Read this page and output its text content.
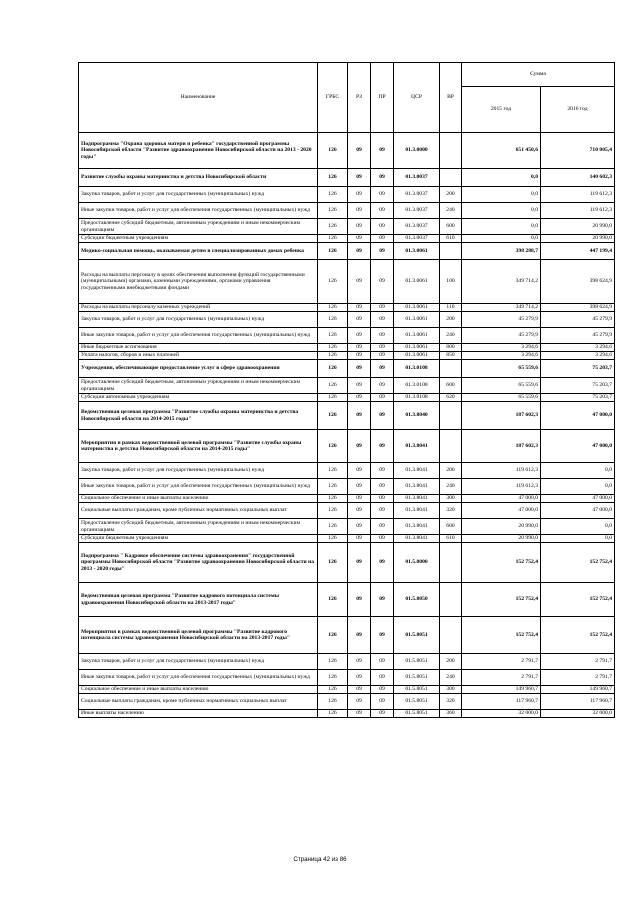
Наименование	ГРБС	РЗ	ПР	ЦСР	ВР	Сумма	
						2015 год	2016 год
Подпрограмма "Охрана здоровья матери и ребенка" государственной программы Новосибирской области "Развитие здравоохранения Новосибирской области на 2013 - 2020 годы"	126	09	09	01.3.0000		651 450,6	710 005,4
Развитие службы охраны материнства и детства Новосибирской области	126	09	09	01.3.0037		0,0	140 602,3
Закупка товаров, работ и услуг для государственных (муниципальных) нужд	126	09	09	01.3.0037	200	0,0	119 612,3
Иные закупки товаров, работ и услуг для обеспечения государственных (муниципальных) нужд	126	09	09	01.3.0037	240	0,0	119 612,3
Предоставление субсидий бюджетным, автономным учреждениям и иным некоммерческим организациям	126	09	09	01.3.0037	600	0,0	20 990,0
Субсидии бюджетным учреждениям	126	09	09	01.3.0037	610	0,0	20 990,0
Медико-социальная помощь, оказываемая детям в специализированных домах ребенка	126	09	09	01.3.0061		398 288,7	447 199,4
Расходы на выплаты персоналу в целях обеспечения выполнения функций государственными (муниципальными) органами, казенными учреждениями, органами управления государственными внебюджетными фондами	126	09	09	01.3.0061	100	349 714,2	398 624,9
Расходы на выплаты персоналу казенных учреждений	126	09	09	01.3.0061	110	349 714,2	398 624,9
Закупка товаров, работ и услуг для государственных (муниципальных) нужд	126	09	09	01.3.0061	200	45 279,9	45 279,9
Иные закупки товаров, работ и услуг для обеспечения государственных (муниципальных) нужд	126	09	09	01.3.0061	240	45 279,9	45 279,9
Иные бюджетные ассигнования	126	09	09	01.3.0061	800	3 294,6	3 294,6
Уплата налогов, сборов и иных платежей	126	09	09	01.3.0061	850	3 294,6	3 294,6
Учреждения, обеспечивающие предоставление услуг в сфере здравоохранения	126	09	09	01.3.0108		65 559,6	75 203,7
Предоставление субсидий бюджетным, автономным учреждениям и иным некоммерческим организациям	126	09	09	01.3.0108	600	65 559,6	75 203,7
Субсидии автономным учреждениям	126	09	09	01.3.0108	620	65 559,6	75 203,7
Ведомственная целевая программа "Развитие службы охраны материнства и детства Новосибирской области на 2014-2015 годы"	126	09	09	01.3.8040		187 602,3	47 000,0
Мероприятия в рамках ведомственной целевой программы "Развитие службы охраны материнства и детства Новосибирской области на 2014-2015 годы"	126	09	09	01.3.8041		187 602,3	47 000,0
Закупка товаров, работ и услуг для государственных (муниципальных) нужд	126	09	09	01.3.8041	200	119 612,3	0,0
Иные закупки товаров, работ и услуг для обеспечения государственных (муниципальных) нужд	126	09	09	01.3.8041	240	119 612,3	0,0
Социальное обеспечение и иные выплаты населению	126	09	09	01.3.8041	300	47 000,0	47 000,0
Социальные выплаты гражданам, кроме публичных нормативных социальных выплат	126	09	09	01.3.8041	320	47 000,0	47 000,0
Предоставление субсидий бюджетным, автономным учреждениям и иным некоммерческим организациям	126	09	09	01.3.8041	600	20 990,0	0,0
Субсидии бюджетным учреждениям	126	09	09	01.3.8041	610	20 990,0	0,0
Подпрограмма " Кадровое обеспечение системы здравоохранения" государственной программы Новосибирской области "Развитие здравоохранения Новосибирской области на 2013 - 2020 годы"	126	09	09	01.5.0000		152 752,4	152 752,4
Ведомственная целевая программа "Развитие кадрового потенциала системы здравоохранения Новосибирской области на 2013-2017 годы"	126	09	09	01.5.8050		152 752,4	152 752,4
Мероприятия в рамках ведомственной целевой программы "Развитие кадрового потенциала системы здравоохранения Новосибирской области на 2013-2017 годы"	126	09	09	01.5.8051		152 752,4	152 752,4
Закупка товаров, работ и услуг для государственных (муниципальных) нужд	126	09	09	01.5.8051	200	2 791,7	2 791,7
Иные закупки товаров, работ и услуг для обеспечения государственных (муниципальных) нужд	126	09	09	01.5.8051	240	2 791,7	2 791,7
Социальное обеспечение и иные выплаты населению	126	09	09	01.5.8051	300	149 960,7	149 960,7
Социальные выплаты гражданам, кроме публичных нормативных социальных выплат	126	09	09	01.5.8051	320	117 960,7	117 960,7
Иные выплаты населению	126	09	09	01.5.8051	360	32 000,0	32 000,0
Страница 42 из 86
